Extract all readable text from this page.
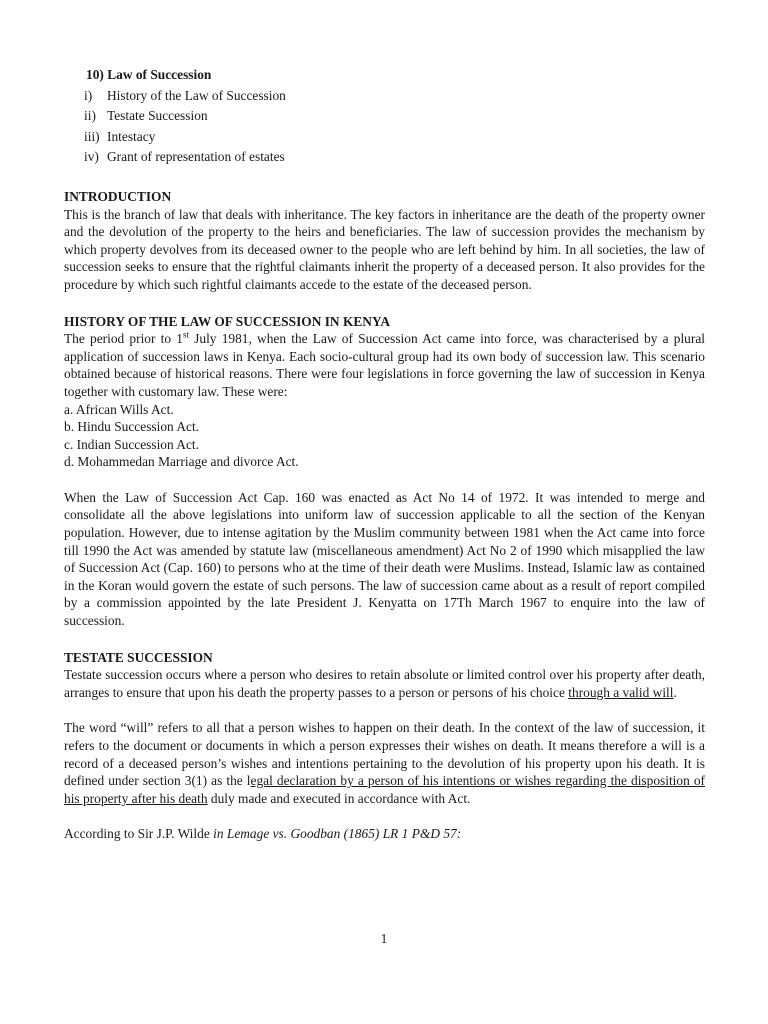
10) Law of Succession

i)	History of the Law of Succession
ii) Testate Succession
iii) Intestacy
iv) Grant of representation of estates
INTRODUCTION

This is the branch of law that deals with inheritance. The key factors in inheritance are the death of the property owner and the devolution of the property to the heirs and beneficiaries. The law of succession provides the mechanism by which property devolves from its deceased owner to the people who are left behind by him. In all societies, the law of succession seeks to ensure that the rightful claimants inherit the property of a deceased person. It also provides for the procedure by which such rightful claimants accede to the estate of the deceased person.

HISTORY OF THE LAW OF SUCCESSION IN KENYA

The period prior to 1st July 1981, when the Law of Succession Act came into force, was characterised by a plural application of succession laws in Kenya. Each socio-cultural group had its own body of succession law. This scenario obtained because of historical reasons. There were four legislations in force governing the law of succession in Kenya together with customary law. These were:

a. African Wills Act.
b. Hindu Succession Act.
c. Indian Succession Act.
d. Mohammedan Marriage and divorce Act.

When the Law of Succession Act Cap. 160 was enacted as Act No 14 of 1972. It was intended to merge and consolidate all the above legislations into uniform law of succession applicable to all the section of the Kenyan population. However, due to intense agitation by the Muslim community between 1981 when the Act came into force till 1990 the Act was amended by statute law (miscellaneous amendment) Act No 2 of 1990 which misapplied the law of Succession Act (Cap. 160) to persons who at the time of their death were Muslims. Instead, Islamic law as contained in the Koran would govern the estate of such persons. The law of succession came about as a result of report compiled by a commission appointed by the late President J. Kenyatta on 17Th March 1967 to enquire into the law of succession.

TESTATE SUCCESSION

Testate succession occurs where a person who desires to retain absolute or limited control over his property after death, arranges to ensure that upon his death the property passes to a person or persons of his choice through a valid will.

The word “will” refers to all that a person wishes to happen on their death. In the context of the law of succession, it refers to the document or documents in which a person expresses their wishes on death. It means therefore a will is a record of a deceased person’s wishes and intentions pertaining to the devolution of his property upon his death. It is defined under section 3(1) as the legal declaration by a person of his intentions or wishes regarding the disposition of his property after his death duly made and executed in accordance with Act.

According to Sir J.P. Wilde in Lemage vs. Goodban (1865) LR 1 P&D 57:

1
